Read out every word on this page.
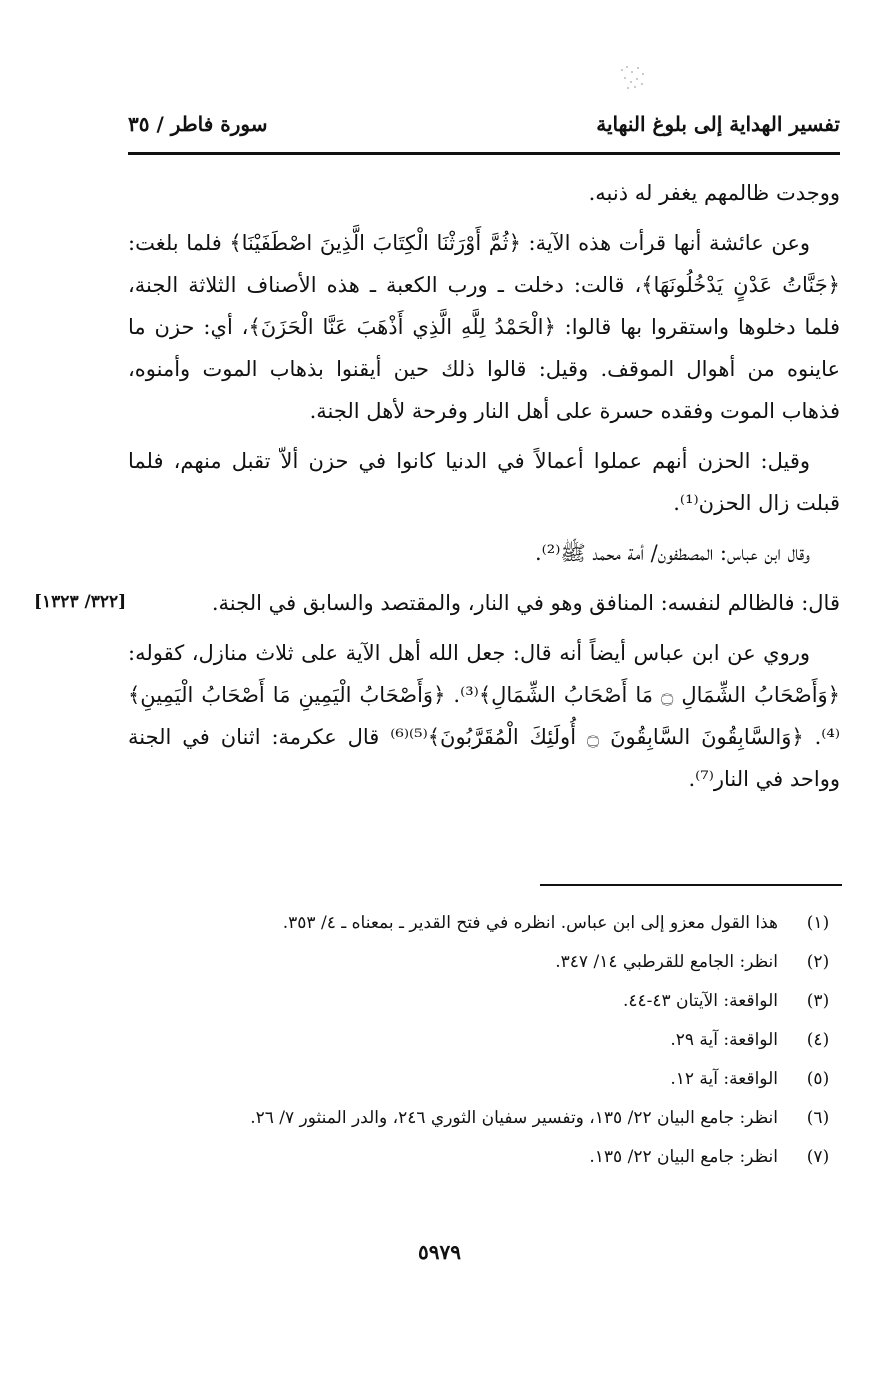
تفسير الهداية إلى بلوغ النهاية
سورة فاطر / ٣٥

ووجدت ظالمهم يغفر له ذنبه.

وعن عائشة أنها قرأت هذه الآية: ﴿ثُمَّ أَوْرَثْنَا الْكِتَابَ الَّذِينَ اصْطَفَيْنَا﴾ فلما بلغت: ﴿جَنَّاتُ عَدْنٍ يَدْخُلُونَهَا﴾، قالت: دخلت ـ ورب الكعبة ـ هذه الأصناف الثلاثة الجنة، فلما دخلوها واستقروا بها قالوا: ﴿الْحَمْدُ لِلَّهِ الَّذِي أَذْهَبَ عَنَّا الْحَزَنَ﴾، أي: حزن ما عاينوه من أهوال الموقف. وقيل: قالوا ذلك حين أيقنوا بذهاب الموت وأمنوه، فذهاب الموت وفقده حسرة على أهل النار وفرحة لأهل الجنة.

وقيل: الحزن أنهم عملوا أعمالاً في الدنيا كانوا في حزن ألاّ تقبل منهم، فلما قبلت زال الحزن⁽¹⁾.

وقال ابن عباس: المصطفون/ أمة محمد ﷺ⁽²⁾.

قال: فالظالم لنفسه: المنافق وهو في النار، والمقتصد والسابق في الجنة.

وروي عن ابن عباس أيضاً أنه قال: جعل الله أهل الآية على ثلاث منازل، كقوله: ﴿وَأَصْحَابُ الشِّمَالِ ۝ مَا أَصْحَابُ الشِّمَالِ﴾⁽³⁾. ﴿وَأَصْحَابُ الْيَمِينِ مَا أَصْحَابُ الْيَمِينِ﴾⁽⁴⁾. ﴿وَالسَّابِقُونَ السَّابِقُونَ ۝ أُولَئِكَ الْمُقَرَّبُونَ﴾⁽⁵⁾⁽⁶⁾ قال عكرمة: اثنان في الجنة وواحد في النار⁽⁷⁾.

[٣٢٢/ ١٣٢٣]
(١)
هذا القول معزو إلى ابن عباس. انظره في فتح القدير ـ بمعناه ـ ٤/ ٣٥٣.
(٢)
انظر: الجامع للقرطبي ١٤/ ٣٤٧.
(٣)
الواقعة: الآيتان ٤٣-٤٤.
(٤)
الواقعة: آية ٢٩.
(٥)
الواقعة: آية ١٢.
(٦)
انظر: جامع البيان ٢٢/ ١٣٥، وتفسير سفيان الثوري ٢٤٦، والدر المنثور ٧/ ٢٦.
(٧)
انظر: جامع البيان ٢٢/ ١٣٥.
٥٩٧٩
